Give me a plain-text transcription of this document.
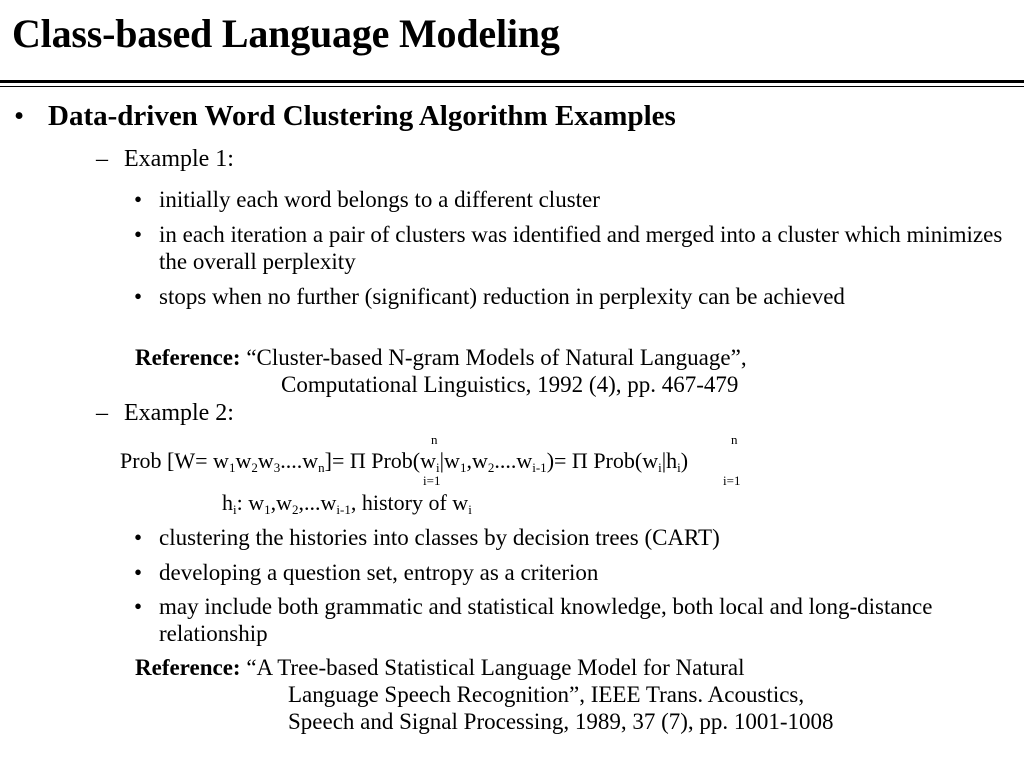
Class-based Language Modeling
• Data-driven Word Clustering Algorithm Examples
– Example 1:
• initially each word belongs to a different cluster
• in each iteration a pair of clusters was identified and merged into a cluster which minimizes the overall perplexity
• stops when no further (significant) reduction in perplexity can be achieved
Reference: “Cluster-based N-gram Models of Natural Language”,
Computational Linguistics, 1992 (4), pp. 467-479
– Example 2:
n
i=1
n
i=1
Prob $[W= w_1w_2w_3....w_n]= \Pi$ $Prob(w_i|w_1,w_2....w_{i-1})= \Pi$ $Prob(w_i|h_i)$
$h_i$: $w_1,w_2,...w_{i-1}$, history of $w_i$
• clustering the histories into classes by decision trees (CART)
• developing a question set, entropy as a criterion
• may include both grammatic and statistical knowledge, both local and long-distance relationship
Reference: “A Tree-based Statistical Language Model for Natural
Language Speech Recognition”, IEEE Trans. Acoustics,
Speech and Signal Processing, 1989, 37 (7), pp. 1001-1008
